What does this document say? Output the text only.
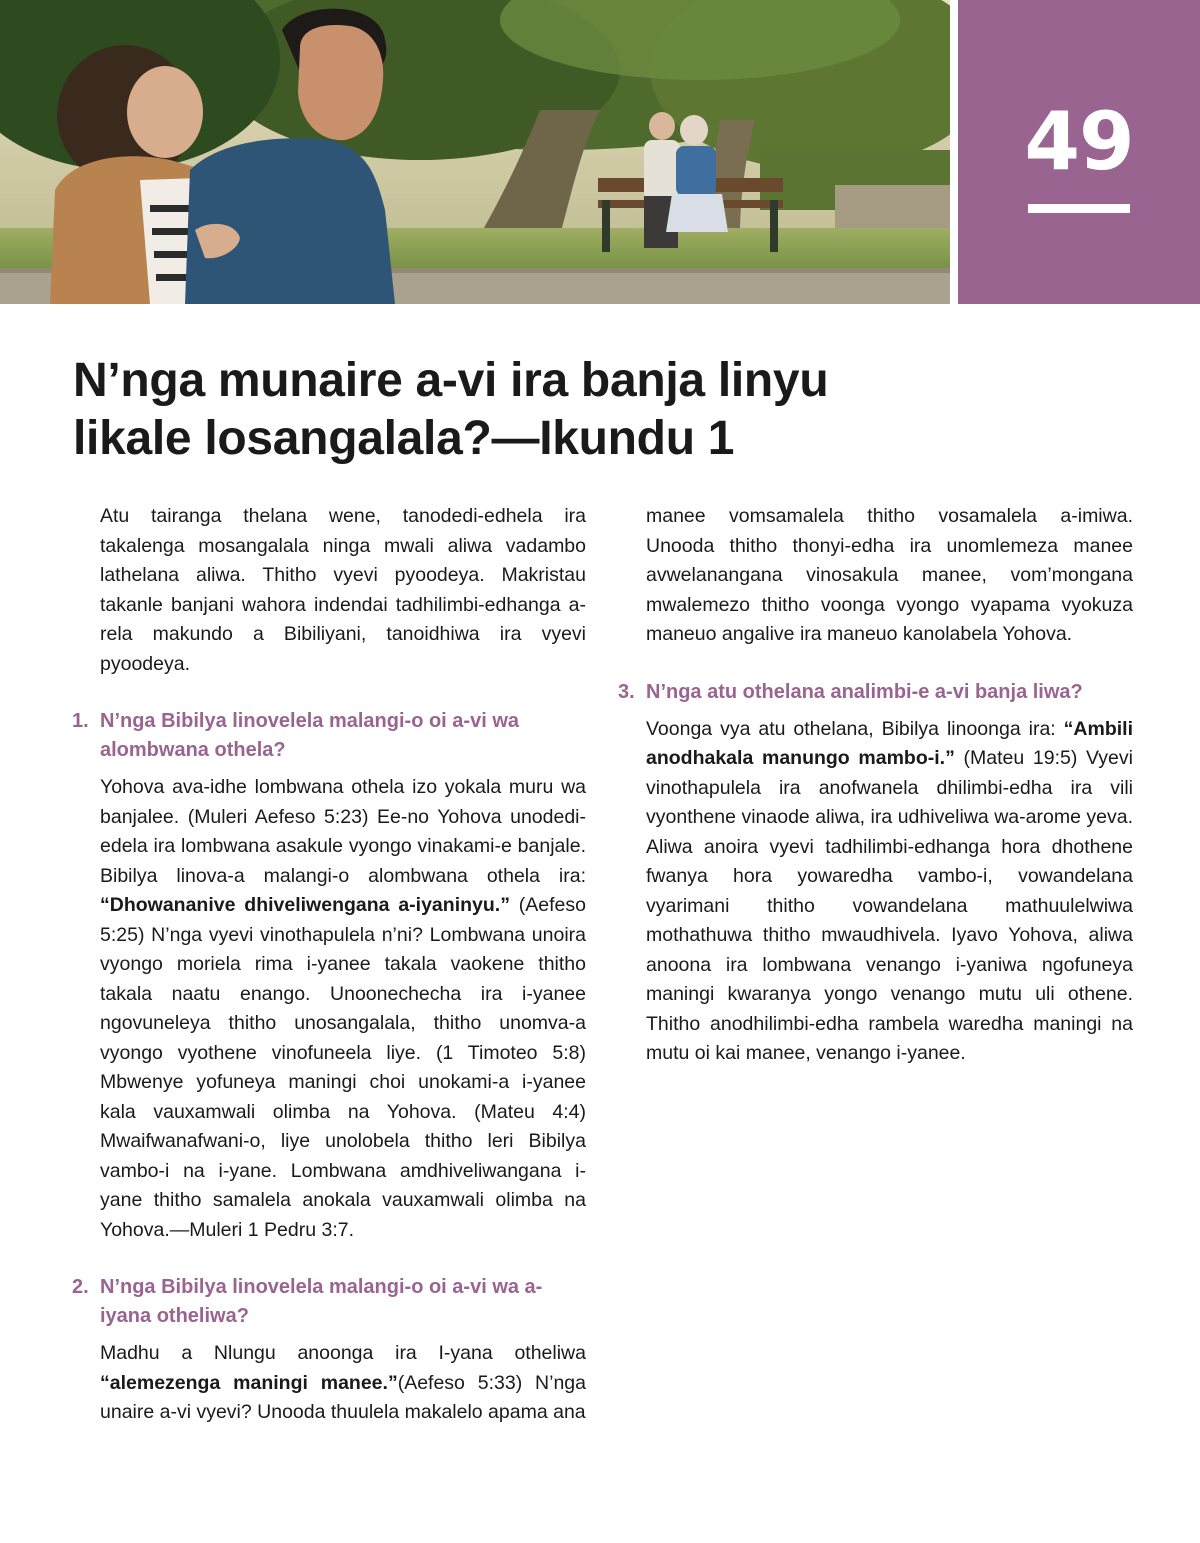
49
N’nga munaire a-vi ira banja linyu
likale losangalala?—Ikundu 1

Atu tairanga thelana wene, tanodedi-edhela ira takalenga mosangalala ninga mwali aliwa vadambo lathelana aliwa. Thitho vyevi pyoodeya. Makristau takanle banjani wahora indendai tadhilimbi-edhanga a-rela makundo a Bibiliyani, tanoidhiwa ira vyevi pyoodeya.

1. N’nga Bibilya linovelela malangi-o oi a-vi wa alombwana othela?

Yohova ava-idhe lombwana othela izo yokala muru wa banjalee. (Muleri Aefeso 5:23) Ee-no Yohova unodedi-edela ira lombwana asakule vyongo vinakami-e banjale. Bibilya linova-a malangi-o alombwana othela ira: “Dhowananive dhiveliwengana a-iyaninyu.” (Aefeso 5:25) N’nga vyevi vinothapulela n’ni? Lombwana unoira vyongo moriela rima i-yanee takala vaokene thitho takala naatu enango. Unoonechecha ira i-yanee ngovuneleya thitho unosangalala, thitho unomva-a vyongo vyothene vinofuneela liye. (1 Timoteo 5:8) Mbwenye yofuneya maningi choi unokami-a i-yanee kala vauxamwali olimba na Yohova. (Mateu 4:4) Mwaifwanafwani-o, liye unolobela thitho leri Bibilya vambo-i na i-yane. Lombwana amdhiveliwangana i-yane thitho samalela anokala vauxamwali olimba na Yohova.—Muleri 1 Pedru 3:7.

2. N’nga Bibilya linovelela malangi-o oi a-vi wa a-iyana otheliwa?

Madhu a Nlungu anoonga ira I-yana otheliwa “alemezenga maningi manee.”(Aefeso 5:33) N’nga unaire a-vi vyevi? Unooda thuulela makalelo apama ana

manee vomsamalela thitho vosamalela a-imiwa. Unooda thitho thonyi-edha ira unomlemeza manee avwelanangana vinosakula manee, vom’mongana mwalemezo thitho voonga vyongo vyapama vyokuza maneuo angalive ira maneuo kanolabela Yohova.

3. N’nga atu othelana analimbi-e a-vi banja liwa?

Voonga vya atu othelana, Bibilya linoonga ira: “Ambili anodhakala manungo mambo-i.” (Mateu 19:5) Vyevi vinothapulela ira anofwanela dhilimbi-edha ira vili vyonthene vinaode aliwa, ira udhiveliwa wa-arome yeva. Aliwa anoira vyevi tadhilimbi-edhanga hora dhothene fwanya hora yowaredha vambo-i, vowandelana vyarimani thitho vowandelana mathuulelwiwa mothathuwa thitho mwaudhivela. Iyavo Yohova, aliwa anoona ira lombwana venango i-yaniwa ngofuneya maningi kwaranya yongo venango mutu uli othene. Thitho anodhilimbi-edha rambela waredha maningi na mutu oi kai manee, venango i-yanee.
